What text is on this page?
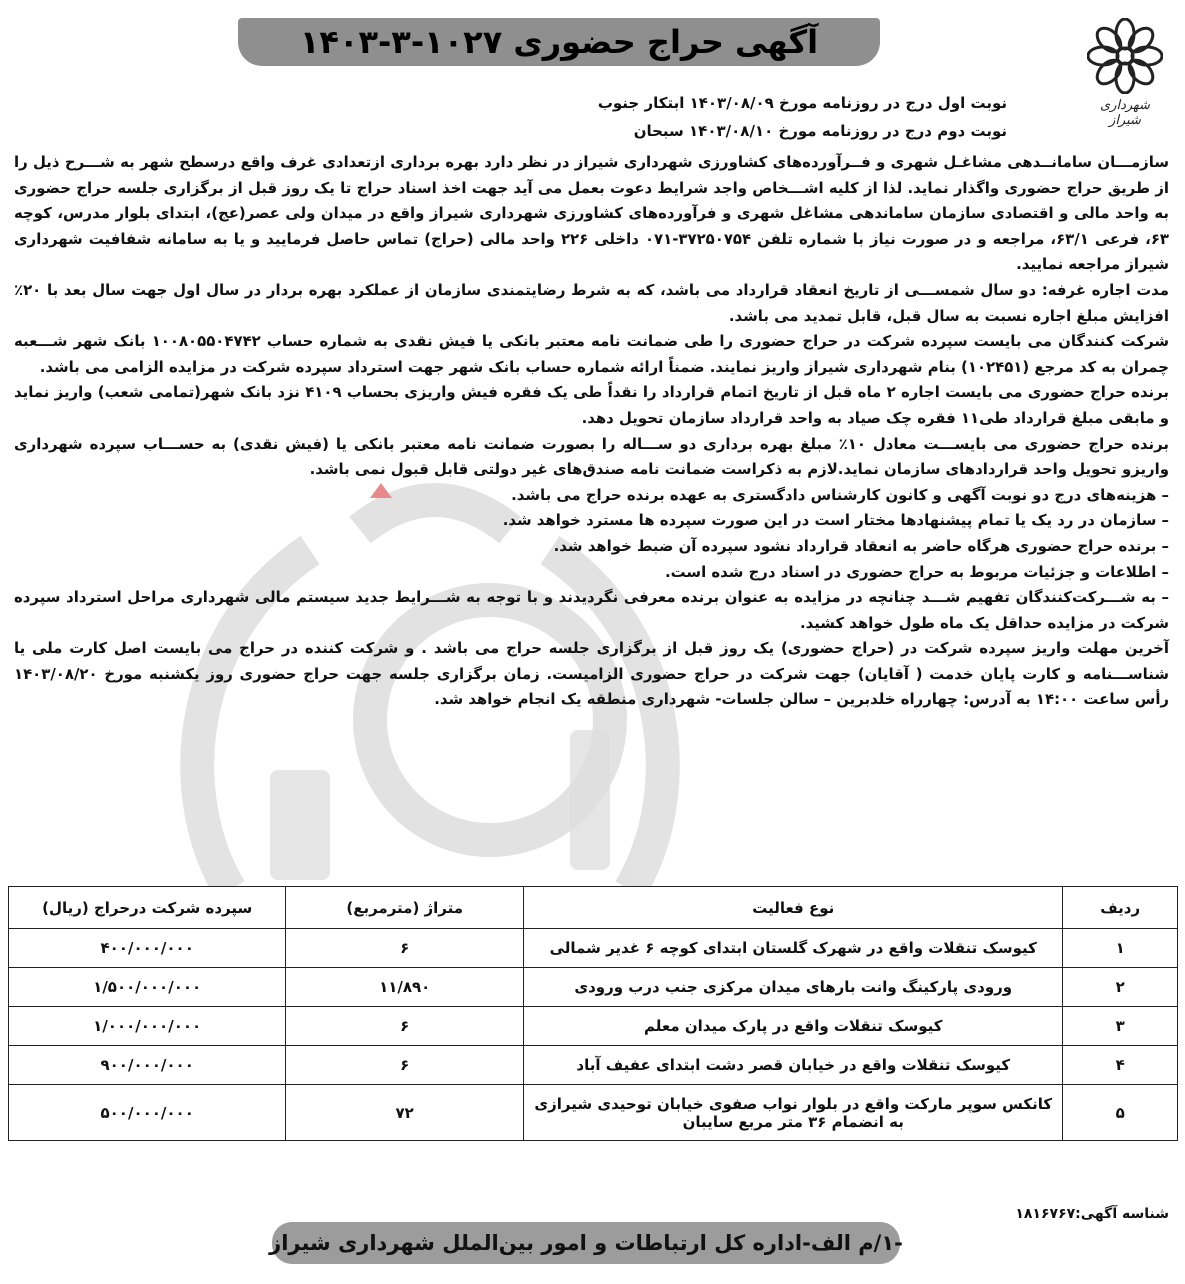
آگهی حراج حضوری ۱۰۲۷-۳-۱۴۰۳
شهرداری شیراز
نوبت اول درج در روزنامه مورخ ۱۴۰۳/۰۸/۰۹ ابتکار جنوب
نوبت دوم درج در روزنامه مورخ ۱۴۰۳/۰۸/۱۰ سبحان

سازمـــان سامانــدهی مشاغـل شهری و فــرآورده‌های کشاورزی شهرداری شیراز در نظر دارد بهره برداری ازتعدادی غرف واقع درسطح شهر به شـــرح ذیل را از طریق حراج حضوری واگذار نماید. لذا از کلیه اشـــخاص واجد شرایط دعوت بعمل می آید جهت اخذ اسناد حراج تا یک روز قبل از برگزاری جلسه حراج حضوری به واحد مالی و اقتصادی سازمان ساماندهی مشاغل شهری و فرآورده‌های کشاورزی شهرداری شیراز واقع در میدان ولی عصر(عج)، ابتدای بلوار مدرس، کوچه ۶۳، فرعی ۶۳/۱، مراجعه و در صورت نیاز با شماره تلفن ۳۷۲۵۰۷۵۴-۰۷۱ داخلی ۲۲۶ واحد مالی (حراج) تماس حاصل فرمایید و یا به سامانه شفافیت شهرداری شیراز مراجعه نمایید.

مدت اجاره غرفه: دو سال شمســـی از تاریخ انعقاد قرارداد می باشد، که به شرط رضایتمندی سازمان از عملکرد بهره بردار در سال اول جهت سال بعد با ۲۰٪ افزایش مبلغ اجاره نسبت به سال قبل، قابل تمدید می باشد.

شرکت کنندگان می بایست سپرده شرکت در حراج حضوری را طی ضمانت نامه معتبر بانکی یا فیش نقدی به شماره حساب ۱۰۰۸۰۵۵۰۴۷۴۲ بانک شهر شـــعبه چمران به کد مرجع (۱۰۲۴۵۱) بنام شهرداری شیراز واریز نمایند. ضمناً ارائه شماره حساب بانک شهر جهت استرداد سپرده شرکت در مزایده الزامی می باشد.

برنده حراج حضوری می بایست اجاره ۲ ماه قبل از تاریخ اتمام قرارداد را نقداً طی یک فقره فیش واریزی بحساب ۴۱۰۹ نزد بانک شهر(تمامی شعب) واریز نماید و مابقی مبلغ قرارداد طی۱۱ فقره چک صیاد به واحد قرارداد سازمان تحویل دهد.

برنده حراج حضوری می بایســـت معادل ۱۰٪ مبلغ بهره برداری دو ســـاله را بصورت ضمانت نامه معتبر بانکی یا (فیش نقدی) به حســـاب سپرده شهرداری واریزو تحویل واحد قراردادهای سازمان نماید.لازم به ذکراست ضمانت نامه صندق‌های غیر دولتی قابل قبول نمی باشد.

– هزینه‌های درج دو نوبت آگهی و کانون کارشناس دادگستری به عهده برنده حراج می باشد.

– سازمان در رد یک یا تمام پیشنهادها مختار است در این صورت سپرده ها مسترد خواهد شد.

– برنده حراج حضوری هرگاه حاضر به انعقاد قرارداد نشود سپرده آن ضبط خواهد شد.

– اطلاعات و جزئیات مربوط به حراج حضوری در اسناد درج شده است.

– به شـــرکت‌کنندگان تفهیم شـــد چنانچه در مزایده به عنوان برنده معرفی نگردیدند و با توجه به شـــرایط جدید سیستم مالی شهرداری مراحل استرداد سپرده شرکت در مزایده حداقل یک ماه طول خواهد کشید.

آخرین مهلت واریز سپرده شرکت در (حراج حضوری) یک روز قبل از برگزاری جلسه حراج می باشد . و شرکت کننده در حراج می بایست اصل کارت ملی یا شناســـنامه و کارت پایان خدمت ( آقایان) جهت شرکت در حراج حضوری الزامیست. زمان برگزاری جلسه جهت حراج حضوری روز یکشنبه مورخ ۱۴۰۳/۰۸/۲۰ رأس ساعت ۱۴:۰۰ به آدرس: چهارراه خلدبرین – سالن جلسات- شهرداری منطقه یک انجام خواهد شد.

ردیف	نوع فعالیت	متراژ (مترمربع)	سپرده شرکت درحراج (ریال)
۱	کیوسک تنقلات واقع در شهرک گلستان ابتدای کوچه ۶ غدیر شمالی	۶	۴۰۰/۰۰۰/۰۰۰
۲	ورودی پارکینگ وانت بارهای میدان مرکزی جنب درب ورودی	۱۱/۸۹۰	۱/۵۰۰/۰۰۰/۰۰۰
۳	کیوسک تنقلات واقع در پارک میدان معلم	۶	۱/۰۰۰/۰۰۰/۰۰۰
۴	کیوسک تنقلات واقع در خیابان قصر دشت ابتدای عفیف آباد	۶	۹۰۰/۰۰۰/۰۰۰
۵	کانکس سوپر مارکت واقع در بلوار نواب صفوی خیابان توحیدی شیرازی به انضمام ۳۶ متر مربع سایبان	۷۲	۵۰۰/۰۰۰/۰۰۰
شناسه آگهی:۱۸۱۶۷۶۷
-۱/م الف-اداره کل ارتباطات و امور بین‌الملل شهرداری شیراز
